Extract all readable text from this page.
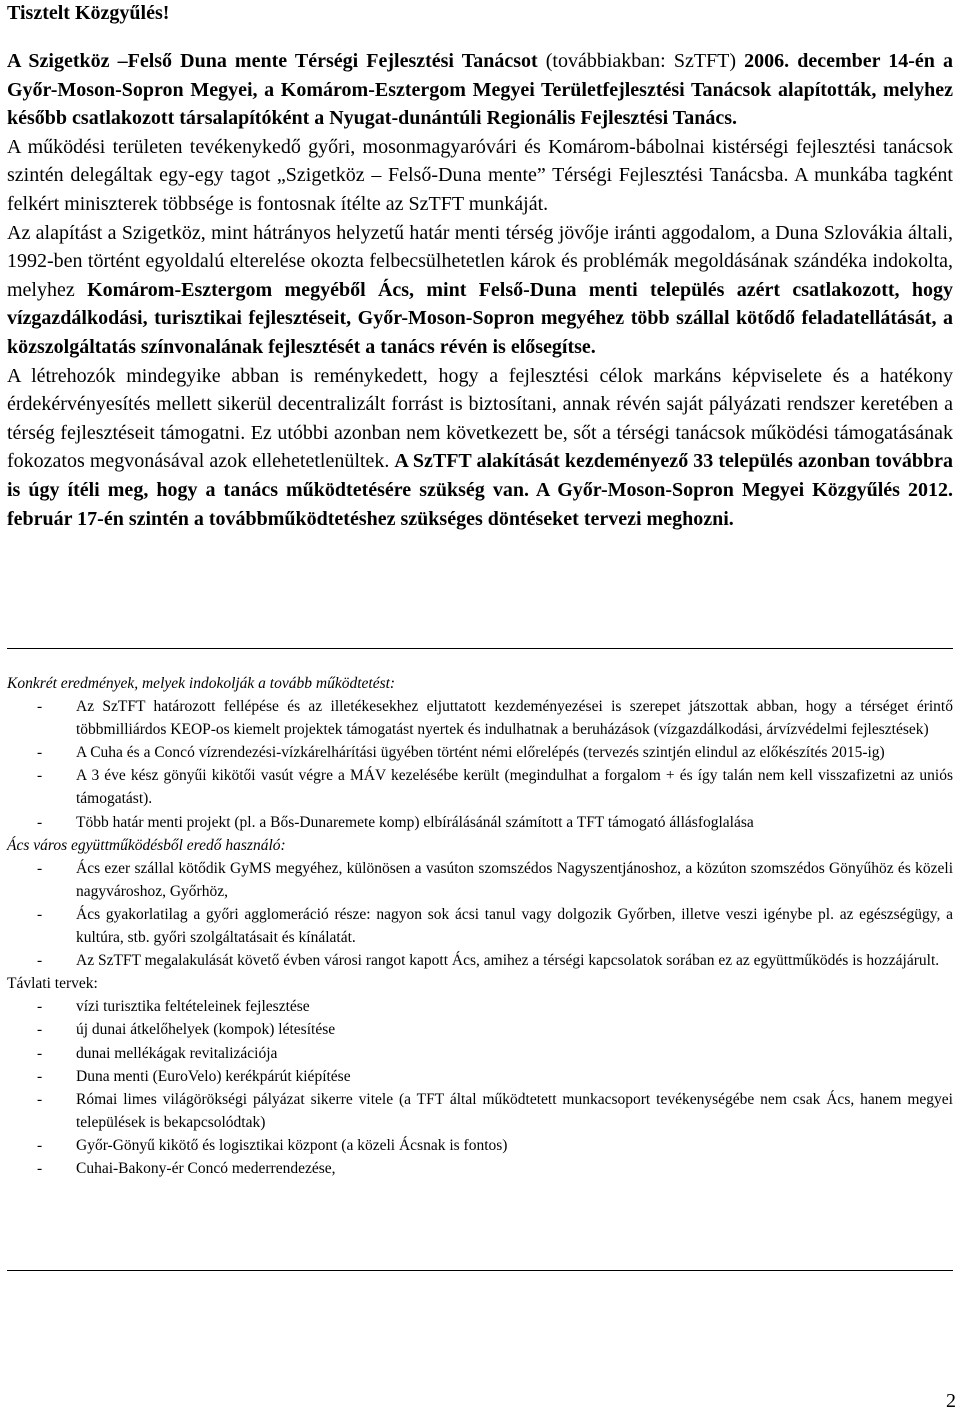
Tisztelt Közgyűlés!

A Szigetköz –Felső Duna mente Térségi Fejlesztési Tanácsot (továbbiakban: SzTFT) 2006. december 14-én a Győr-Moson-Sopron Megyei, a Komárom-Esztergom Megyei Területfejlesztési Tanácsok alapították, melyhez később csatlakozott társalapítóként a Nyugat-dunántúli Regionális Fejlesztési Tanács.

A működési területen tevékenykedő győri, mosonmagyaróvári és Komárom-bábolnai kistérségi fejlesztési tanácsok szintén delegáltak egy-egy tagot „Szigetköz – Felső-Duna mente” Térségi Fejlesztési Tanácsba. A munkába tagként felkért miniszterek többsége is fontosnak ítélte az SzTFT munkáját.

Az alapítást a Szigetköz, mint hátrányos helyzetű határ menti térség jövője iránti aggodalom, a Duna Szlovákia általi, 1992-ben történt egyoldalú elterelése okozta felbecsülhetetlen károk és problémák megoldásának szándéka indokolta, melyhez Komárom-Esztergom megyéből Ács, mint Felső-Duna menti település azért csatlakozott, hogy vízgazdálkodási, turisztikai fejlesztéseit, Győr-Moson-Sopron megyéhez több szállal kötődő feladatellátását, a közszolgáltatás színvonalának fejlesztését a tanács révén is elősegítse.

A létrehozók mindegyike abban is reménykedett, hogy a fejlesztési célok markáns képviselete és a hatékony érdekérvényesítés mellett sikerül decentralizált forrást is biztosítani, annak révén saját pályázati rendszer keretében a térség fejlesztéseit támogatni. Ez utóbbi azonban nem következett be, sőt a térségi tanácsok működési támogatásának fokozatos megvonásával azok ellehetetlenültek. A SzTFT alakítását kezdeményező 33 település azonban továbbra is úgy ítéli meg, hogy a tanács működtetésére szükség van. A Győr-Moson-Sopron Megyei Közgyűlés 2012. február 17-én szintén a továbbműködtetéshez szükséges döntéseket tervezi meghozni.

Konkrét eredmények, melyek indokolják a tovább működtetést:

- Az SzTFT határozott fellépése és az illetékesekhez eljuttatott kezdeményezései is szerepet játszottak abban, hogy a térséget érintő többmilliárdos KEOP-os kiemelt projektek támogatást nyertek és indulhatnak a beruházások (vízgazdálkodási, árvízvédelmi fejlesztések)
- A Cuha és a Concó vízrendezési-vízkárelhárítási ügyében történt némi előrelépés (tervezés szintjén elindul az előkészítés 2015-ig)
- A 3 éve kész gönyűi kikötői vasút végre a MÁV kezelésébe került (megindulhat a forgalom + és így talán nem kell visszafizetni az uniós támogatást).
- Több határ menti projekt (pl. a Bős-Dunaremete komp) elbírálásánál számított a TFT támogató állásfoglalása

Ács város együttműködésből eredő használó:

- Ács ezer szállal kötődik GyMS megyéhez, különösen a vasúton szomszédos Nagyszentjánoshoz, a közúton szomszédos Gönyűhöz és közeli nagyvároshoz, Győrhöz,
- Ács gyakorlatilag a győri agglomeráció része: nagyon sok ácsi tanul vagy dolgozik Győrben, illetve veszi igénybe pl. az egészségügy, a kultúra, stb. győri szolgáltatásait és kínálatát.
- Az SzTFT megalakulását követő évben városi rangot kapott Ács, amihez a térségi kapcsolatok sorában ez az együttműködés is hozzájárult.

Távlati tervek:

- vízi turisztika feltételeinek fejlesztése
- új dunai átkelőhelyek (kompok) létesítése
- dunai mellékágak revitalizációja
- Duna menti (EuroVelo) kerékpárút kiépítése
- Római limes világörökségi pályázat sikerre vitele (a TFT által működtetett munkacsoport tevékenységébe nem csak Ács, hanem megyei települések is bekapcsolódtak)
- Győr-Gönyű kikötő és logisztikai központ (a közeli Ácsnak is fontos)
- Cuhai-Bakony-ér Concó mederrendezése,
2
